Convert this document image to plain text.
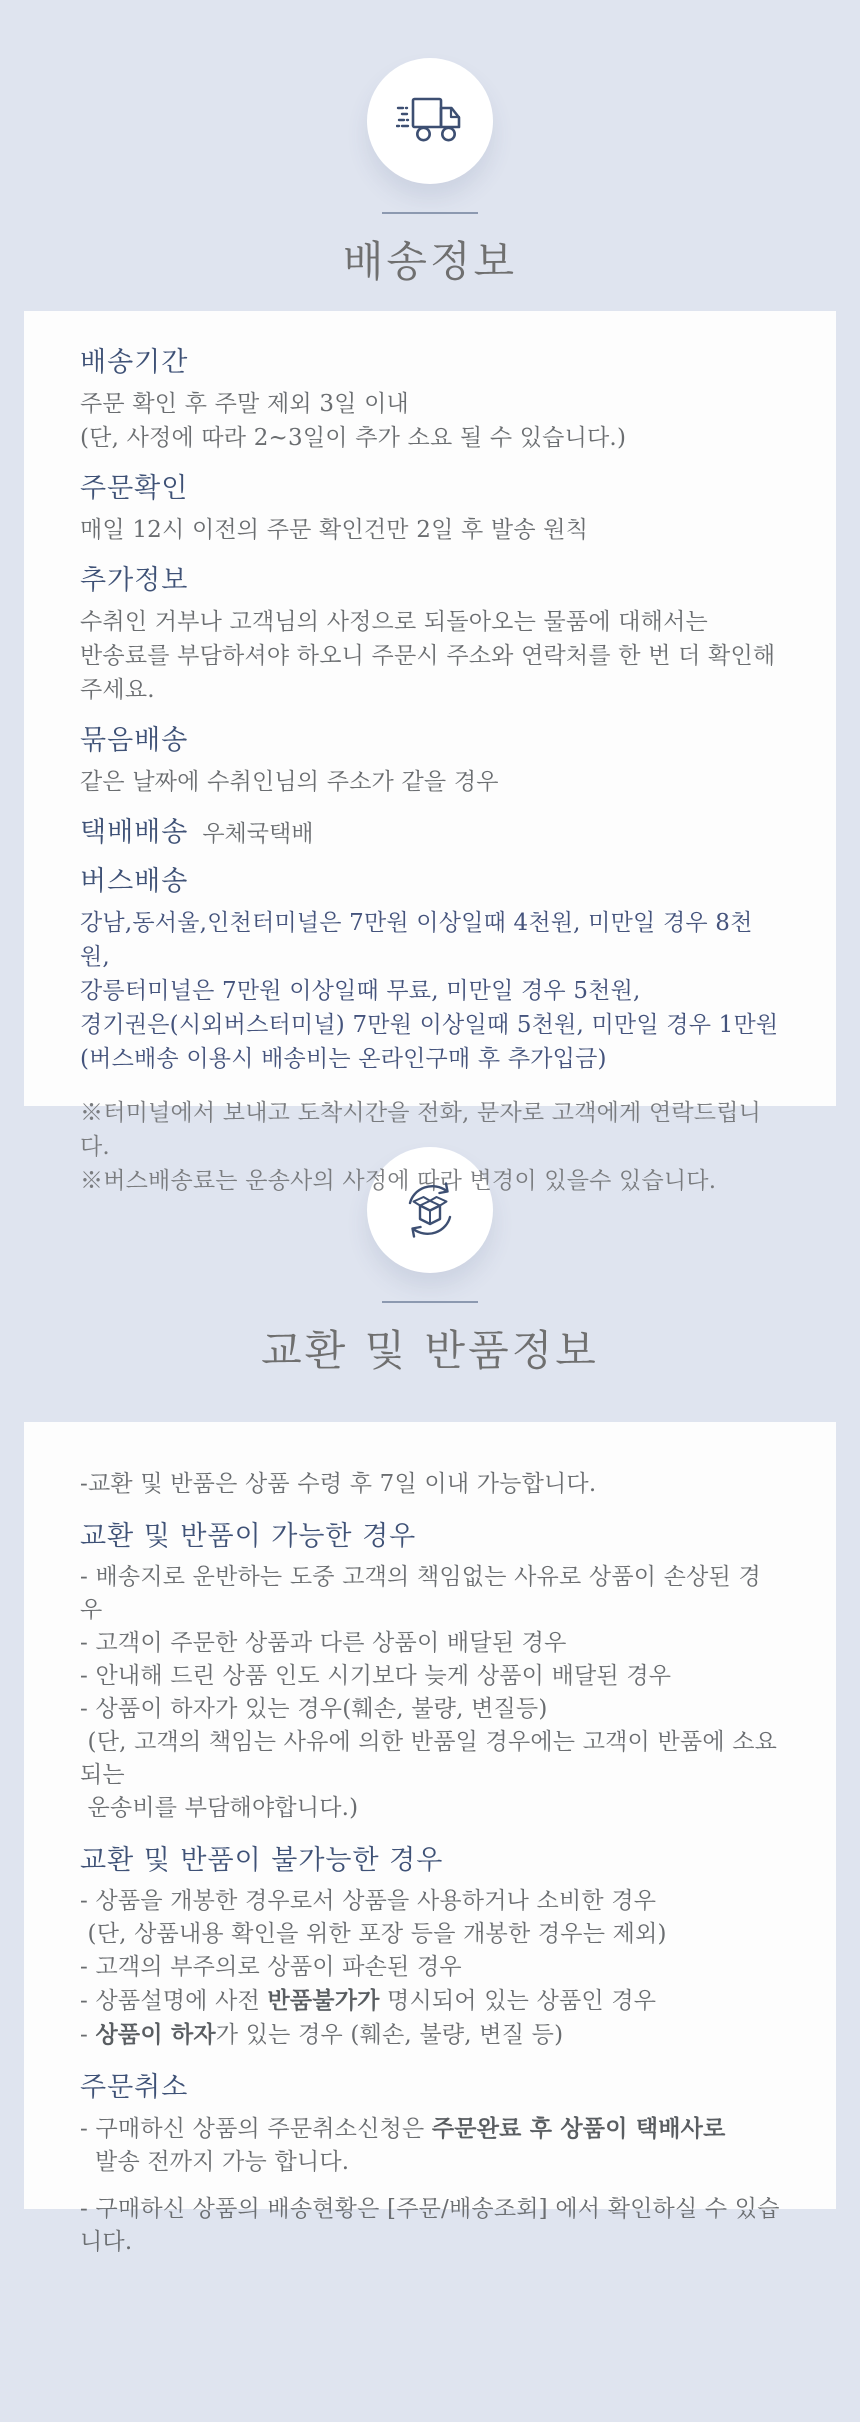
배송정보
배송기간
주문 확인 후 주말 제외 3일 이내
(단, 사정에 따라 2~3일이 추가 소요 될 수 있습니다.)
주문확인
매일 12시 이전의 주문 확인건만 2일 후 발송 원칙
추가정보
수취인 거부나 고객님의 사정으로 되돌아오는 물품에 대해서는
반송료를 부담하셔야 하오니 주문시 주소와 연락처를 한 번 더 확인해 주세요.
묶음배송
같은 날짜에 수취인님의 주소가 같을 경우
택배배송 우체국택배
버스배송
강남,동서울,인천터미널은 7만원 이상일때 4천원, 미만일 경우 8천원,
강릉터미널은 7만원 이상일때 무료, 미만일 경우 5천원,
경기권은(시외버스터미널) 7만원 이상일때 5천원, 미만일 경우 1만원
(버스배송 이용시 배송비는 온라인구매 후 추가입금)
※터미널에서 보내고 도착시간을 전화, 문자로 고객에게 연락드립니다.
※버스배송료는 운송사의 사정에 따라 변경이 있을수 있습니다.
교환 및 반품정보
-교환 및 반품은 상품 수령 후 7일 이내 가능합니다.
교환 및 반품이 가능한 경우
- 배송지로 운반하는 도중 고객의 책임없는 사유로 상품이 손상된 경우
- 고객이 주문한 상품과 다른 상품이 배달된 경우
- 안내해 드린 상품 인도 시기보다 늦게 상품이 배달된 경우
- 상품이 하자가 있는 경우(훼손, 불량, 변질등)
(단, 고객의 책임는 사유에 의한 반품일 경우에는 고객이 반품에 소요되는
운송비를 부담해야합니다.)
교환 및 반품이 불가능한 경우
- 상품을 개봉한 경우로서 상품을 사용하거나 소비한 경우
(단, 상품내용 확인을 위한 포장 등을 개봉한 경우는 제외)
- 고객의 부주의로 상품이 파손된 경우
- 상품설명에 사전 반품불가가 명시되어 있는 상품인 경우
- 상품이 하자가 있는 경우 (훼손, 불량, 변질 등)
주문취소
- 구매하신 상품의 주문취소신청은 주문완료 후 상품이 택배사로
발송 전까지 가능 합니다.
- 구매하신 상품의 배송현황은 [주문/배송조회] 에서 확인하실 수 있습니다.
